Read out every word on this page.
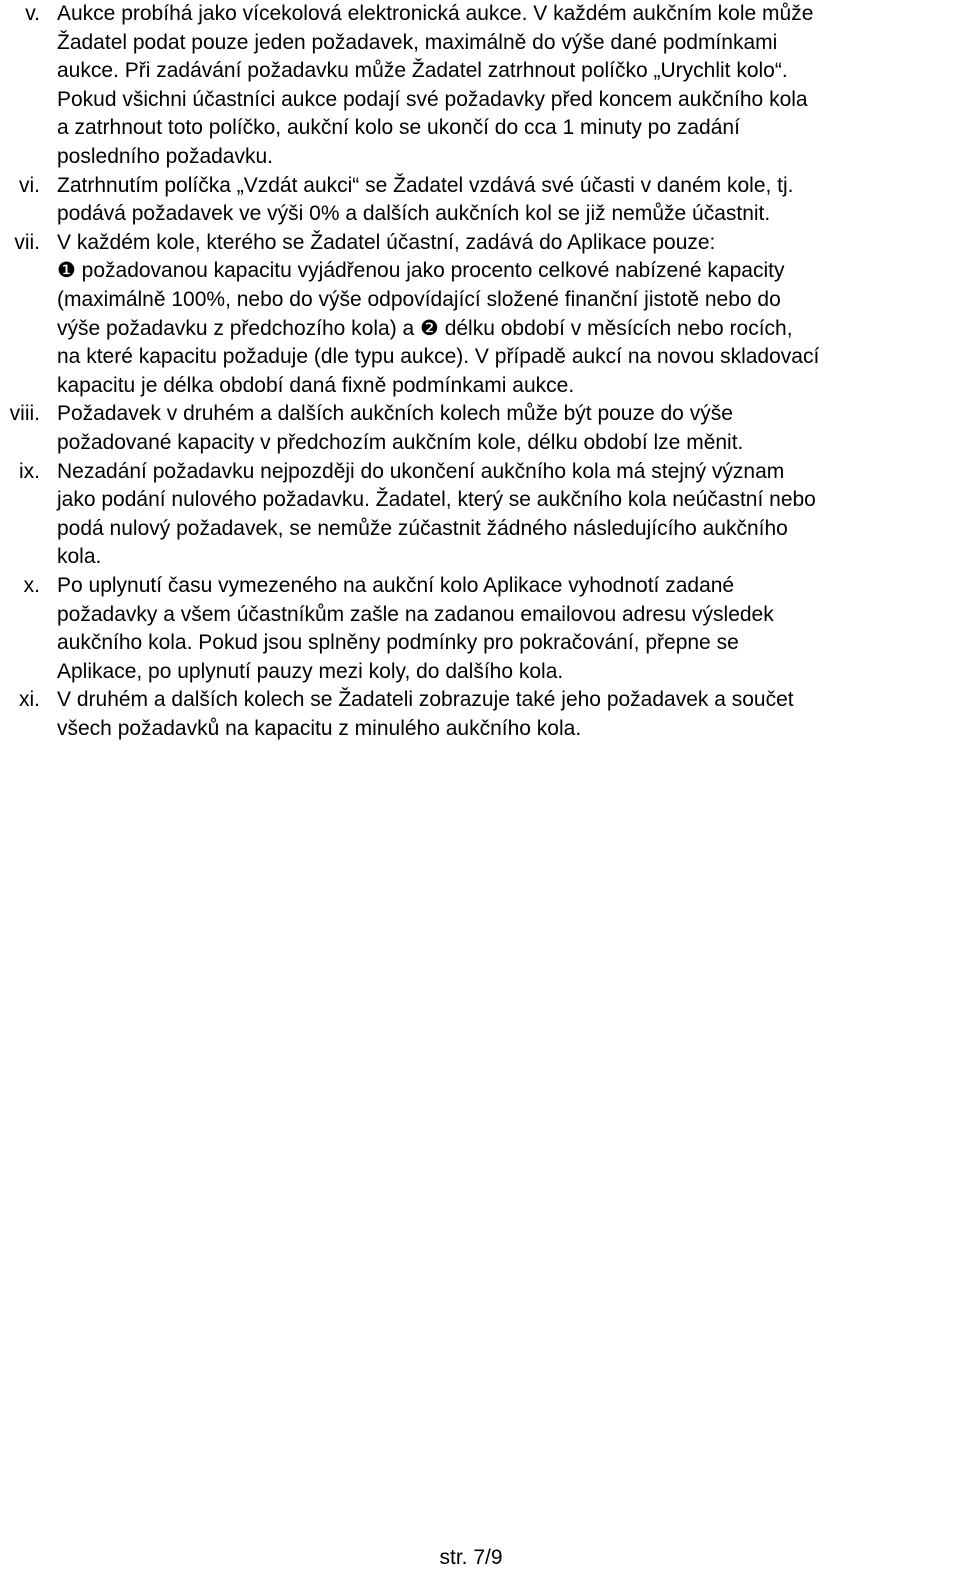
v. Aukce probíhá jako vícekolová elektronická aukce. V každém aukčním kole může
Žadatel podat pouze jeden požadavek, maximálně do výše dané podmínkami
aukce. Při zadávání požadavku může Žadatel zatrhnout políčko „Urychlit kolo“.
Pokud všichni účastníci aukce podají své požadavky před koncem aukčního kola
a zatrhnout toto políčko, aukční kolo se ukončí do cca 1 minuty po zadání
posledního požadavku.
vi. Zatrhnutím políčka „Vzdát aukci“ se Žadatel vzdává své účasti v daném kole, tj.
podává požadavek ve výši 0% a dalších aukčních kol se již nemůže účastnit.
vii. V každém kole, kterého se Žadatel účastní, zadává do Aplikace pouze:
❶ požadovanou kapacitu vyjádřenou jako procento celkové nabízené kapacity
(maximálně 100%, nebo do výše odpovídající složené finanční jistotě nebo do
výše požadavku z předchozího kola) a ❷ délku období v měsících nebo rocích,
na které kapacitu požaduje (dle typu aukce). V případě aukcí na novou skladovací
kapacitu je délka období daná fixně podmínkami aukce.
viii. Požadavek v druhém a dalších aukčních kolech může být pouze do výše
požadované kapacity v předchozím aukčním kole, délku období lze měnit.
ix. Nezadání požadavku nejpozději do ukončení aukčního kola má stejný význam
jako podání nulového požadavku. Žadatel, který se aukčního kola neúčastní nebo
podá nulový požadavek, se nemůže zúčastnit žádného následujícího aukčního
kola.
x. Po uplynutí času vymezeného na aukční kolo Aplikace vyhodnotí zadané
požadavky a všem účastníkům zašle na zadanou emailovou adresu výsledek
aukčního kola. Pokud jsou splněny podmínky pro pokračování, přepne se
Aplikace, po uplynutí pauzy mezi koly, do dalšího kola.
xi. V druhém a dalších kolech se Žadateli zobrazuje také jeho požadavek a součet
všech požadavků na kapacitu z minulého aukčního kola.
str. 7/9
